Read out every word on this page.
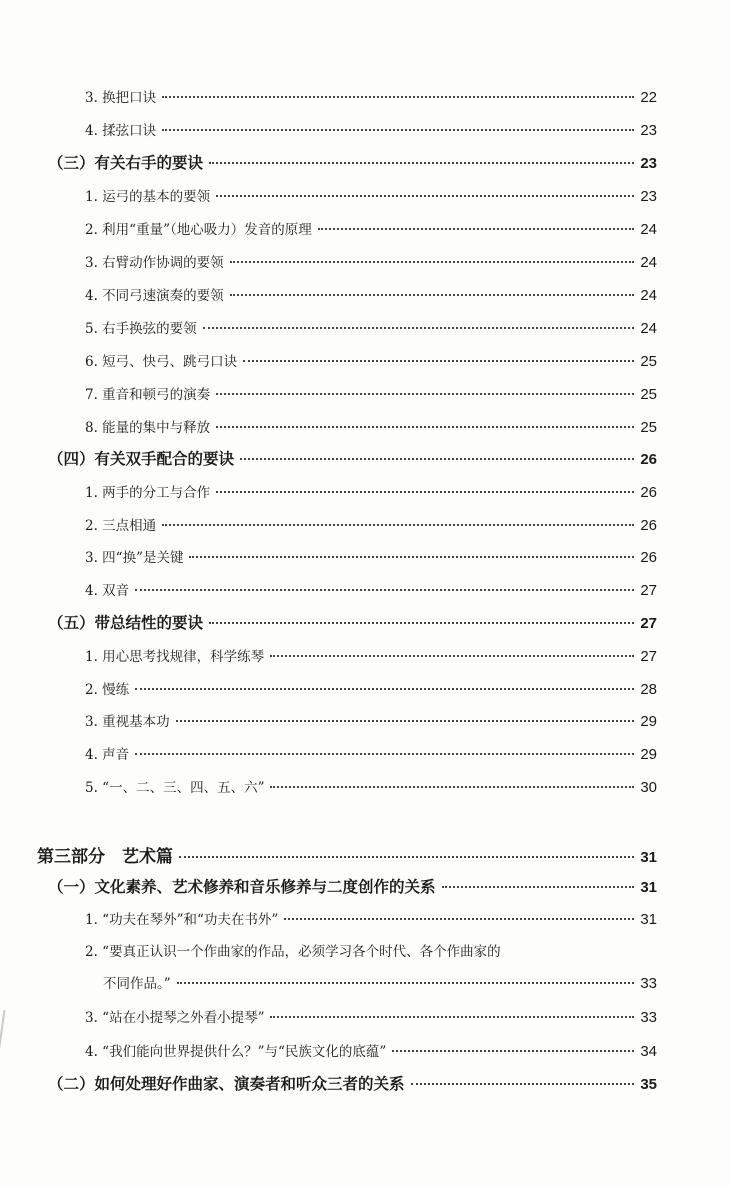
3. 换把口诀	22
4. 揉弦口诀	23
（三）有关右手的要诀	23
1. 运弓的基本的要领	23
2. 利用“重量”（地心吸力）发音的原理	24
3. 右臂动作协调的要领	24
4. 不同弓速演奏的要领	24
5. 右手换弦的要领	24
6. 短弓、快弓、跳弓口诀	25
7. 重音和顿弓的演奏	25
8. 能量的集中与释放	25
（四）有关双手配合的要诀	26
1. 两手的分工与合作	26
2. 三点相通	26
3. 四“换”是关键	26
4. 双音	27
（五）带总结性的要诀	27
1. 用心思考找规律，科学练琴	27
2. 慢练	28
3. 重视基本功	29
4. 声音	29
5. “一、二、三、四、五、六”	30
第三部分　艺术篇	31
（一）文化素养、艺术修养和音乐修养与二度创作的关系	31
1. “功夫在琴外”和“功夫在书外”	31
2. “要真正认识一个作曲家的作品，必须学习各个时代、各个作曲家的
不同作品。”	33
3. “站在小提琴之外看小提琴”	33
4. “我们能向世界提供什么？”与“民族文化的底蕴”	34
（二）如何处理好作曲家、演奏者和听众三者的关系	35
